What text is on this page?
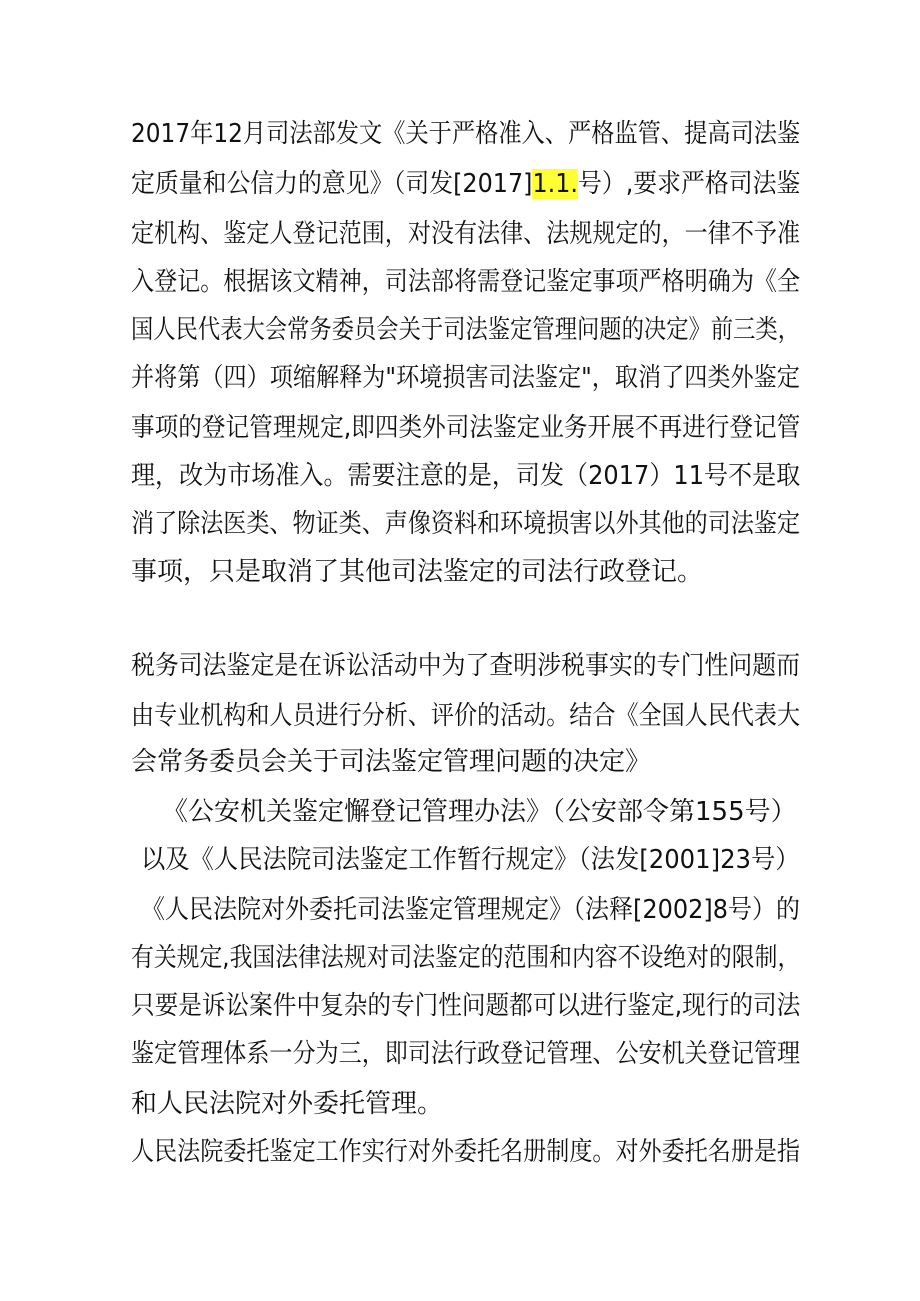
2017年12月司法部发文《关于严格准入、严格监管、提高司法鉴
定质量和公信力的意见》（司发[2017]1.1.号）,要求严格司法鉴
定机构、鉴定人登记范围，对没有法律、法规规定的，一律不予准
入登记。根据该文精神，司法部将需登记鉴定事项严格明确为《全
国人民代表大会常务委员会关于司法鉴定管理问题的决定》前三类，
并将第（四）项缩解释为"环境损害司法鉴定"，取消了四类外鉴定
事项的登记管理规定,即四类外司法鉴定业务开展不再进行登记管
理，改为市场准入。需要注意的是，司发（2017）11号不是取
消了除法医类、物证类、声像资料和环境损害以外其他的司法鉴定
事项，只是取消了其他司法鉴定的司法行政登记。
税务司法鉴定是在诉讼活动中为了查明涉税事实的专门性问题而
由专业机构和人员进行分析、评价的活动。结合《全国人民代表大
会常务委员会关于司法鉴定管理问题的决定》
《公安机关鉴定懈登记管理办法》（公安部令第155号）
以及《人民法院司法鉴定工作暂行规定》（法发[2001]23号）
《人民法院对外委托司法鉴定管理规定》（法释[2002]8号）的
有关规定,我国法律法规对司法鉴定的范围和内容不设绝对的限制，
只要是诉讼案件中复杂的专门性问题都可以进行鉴定,现行的司法
鉴定管理体系一分为三，即司法行政登记管理、公安机关登记管理
和人民法院对外委托管理。
人民法院委托鉴定工作实行对外委托名册制度。对外委托名册是指
